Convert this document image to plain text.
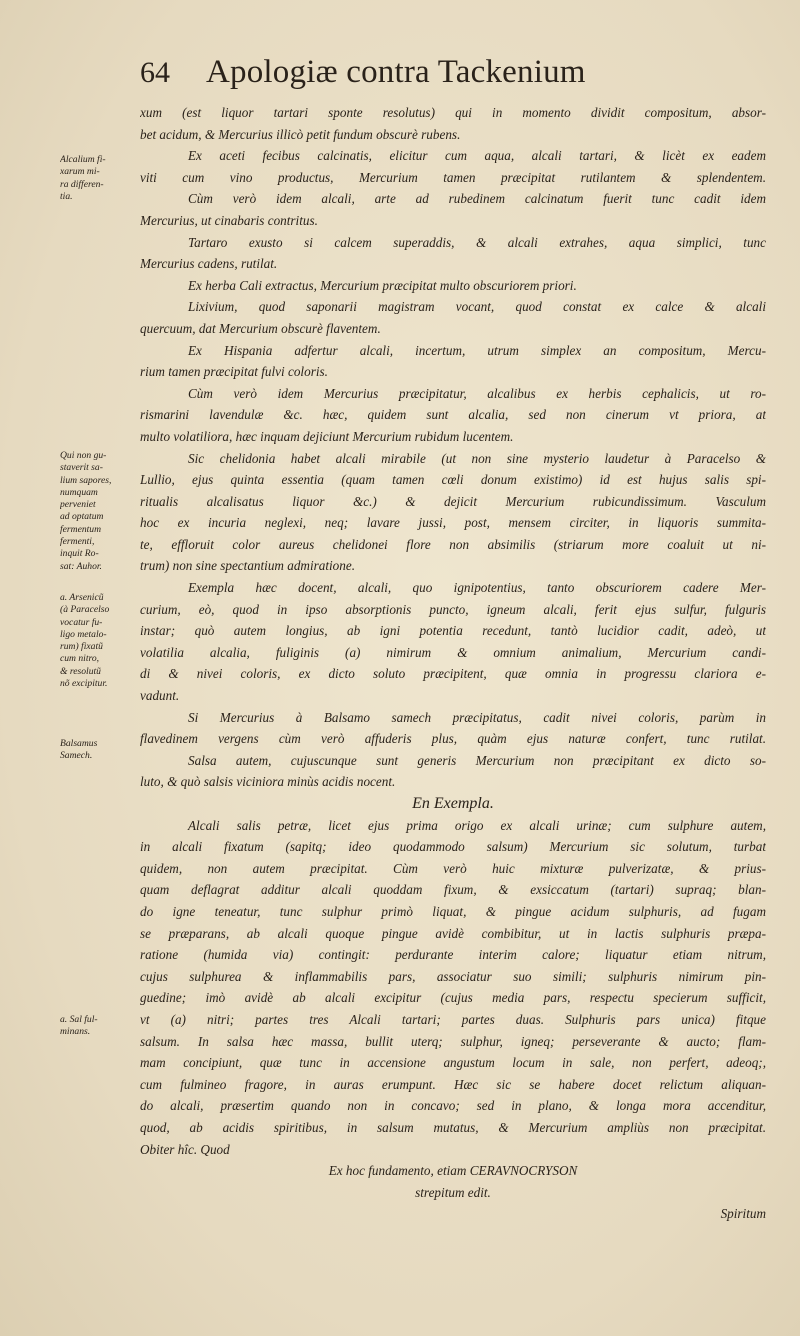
64 Apologiæ contra Tackenium
xum (est liquor tartari sponte resolutus) qui in momento dividit compositum, absor-
bet acidum, & Mercurius illicò petit fundum obscurè rubens.
Ex aceti fecibus calcinatis, elicitur cum aqua, alcali tartari, & licèt ex eadem
viti cum vino productus, Mercurium tamen præcipitat rutilantem & splendentem.
Cùm verò idem alcali, arte ad rubedinem calcinatum fuerit tunc cadit idem
Mercurius, ut cinabaris contritus.
Tartaro exusto si calcem superaddis, & alcali extrahes, aqua simplici, tunc
Mercurius cadens, rutilat.
Ex herba Cali extractus, Mercurium præcipitat multo obscuriorem priori.
Lixivium, quod saponarii magistram vocant, quod constat ex calce & alcali
quercuum, dat Mercurium obscurè flaventem.
Ex Hispania adfertur alcali, incertum, utrum simplex an compositum, Mercu-
rium tamen præcipitat fulvi coloris.
Cùm verò idem Mercurius præcipitatur, alcalibus ex herbis cephalicis, ut ro-
rismarini lavendulæ &c. hæc, quidem sunt alcalia, sed non cinerum vt priora, at
multo volatiliora, hæc inquam dejiciunt Mercurium rubidum lucentem.
Sic chelidonia habet alcali mirabile (ut non sine mysterio laudetur à Paracelso &
Lullio, ejus quinta essentia (quam tamen cœli donum existimo) id est hujus salis spi-
ritualis alcalisatus liquor &c.) & dejicit Mercurium rubicundissimum. Vasculum
hoc ex incuria neglexi, neq; lavare jussi, post, mensem circiter, in liquoris summita-
te, effloruit color aureus chelidonei flore non absimilis (striarum more coaluit ut ni-
trum) non sine spectantium admiratione.
Exempla hæc docent, alcali, quo ignipotentius, tanto obscuriorem cadere Mer-
curium, eò, quod in ipso absorptionis puncto, igneum alcali, ferit ejus sulfur, fulguris
instar; quò autem longius, ab igni potentia recedunt, tantò lucidior cadit, adeò, ut
volatilia alcalia, fuliginis (a) nimirum & omnium animalium, Mercurium candi-
di & nivei coloris, ex dicto soluto præcipitent, quæ omnia in progressu clariora e-
vadunt.
Si Mercurius à Balsamo samech præcipitatus, cadit nivei coloris, parùm in
flavedinem vergens cùm verò affuderis plus, quàm ejus naturæ confert, tunc rutilat.
Salsa autem, cujuscunque sunt generis Mercurium non præcipitant ex dicto so-
luto, & quò salsis viciniora minùs acidis nocent.
En Exempla.
Alcali salis petræ, licet ejus prima origo ex alcali urinæ; cum sulphure autem,
in alcali fixatum (sapitq; ideo quodammodo salsum) Mercurium sic solutum, turbat
quidem, non autem præcipitat. Cùm verò huic mixturæ pulverizatæ, & prius-
quam deflagrat additur alcali quoddam fixum, & exsiccatum (tartari) supraq; blan-
do igne teneatur, tunc sulphur primò liquat, & pingue acidum sulphuris, ad fugam
se præparans, ab alcali quoque pingue avidè combibitur, ut in lactis sulphuris præpa-
ratione (humida via) contingit: perdurante interim calore; liquatur etiam nitrum,
cujus sulphurea & inflammabilis pars, associatur suo simili; sulphuris nimirum pin-
guedine; imò avidè ab alcali excipitur (cujus media pars, respectu specierum sufficit,
vt (a) nitri; partes tres Alcali tartari; partes duas. Sulphuris pars unica) fitque
salsum. In salsa hæc massa, bullit uterq; sulphur, igneq; perseverante & aucto; flam-
mam concipiunt, quæ tunc in accensione angustum locum in sale, non perfert, adeoq;,
cum fulmineo fragore, in auras erumpunt. Hæc sic se habere docet relictum aliquan-
do alcali, præsertim quando non in concavo; sed in plano, & longa mora accenditur,
quod, ab acidis spiritibus, in salsum mutatus, & Mercurium ampliùs non præcipitat.
Obiter hîc. Quod
Ex hoc fundamento, etiam CERAVNOCRYSON
strepitum edit.
Spiritum
Alcalium fi-
xarum mi-
ra differen-
tia.
Qui non gu-
staverit sa-
lium sapores,
numquam
perveniet
ad optatum
fermentum
fermenti,
inquit Ro-
sat: Auhor.
a. Arsenicũ
(à Paracelso
vocatur fu-
ligo metalo-
rum) fixatũ
cum nitro,
& resolutũ
nõ excipitur.
Balsamus
Samech.
a. Sal ful-
minans.
